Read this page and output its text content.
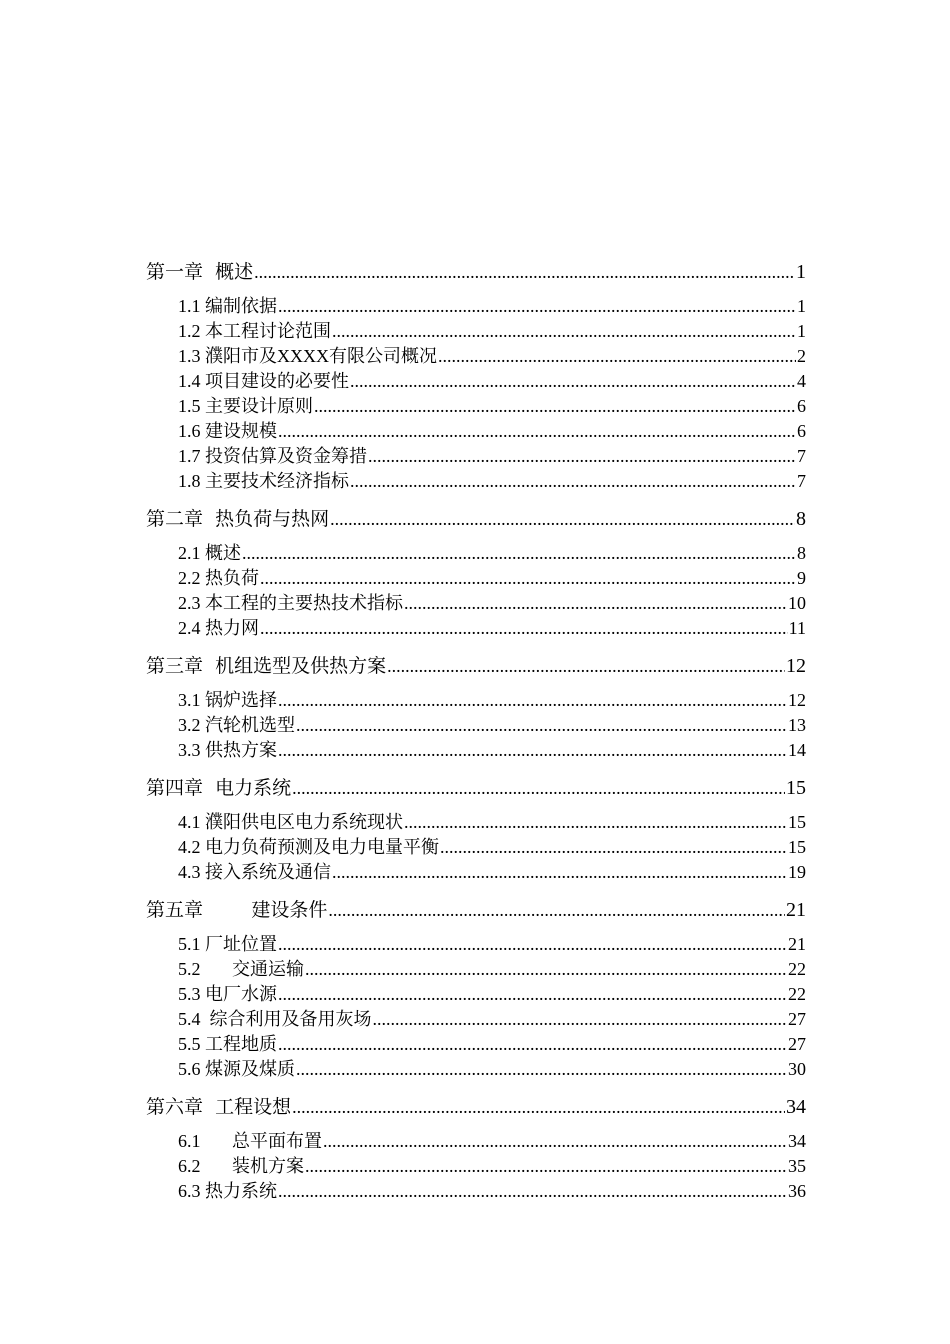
第一章  概述 .....	1
1.1 编制依据 .....	1
1.2 本工程讨论范围 .....	1
1.3 濮阳市及XXXX有限公司概况 .....	2
1.4 项目建设的必要性 .....	4
1.5 主要设计原则 .....	6
1.6 建设规模 .....	6
1.7 投资估算及资金筹措 .....	7
1.8 主要技术经济指标 .....	7
第二章  热负荷与热网 .....	8
2.1 概述 .....	8
2.2 热负荷 .....	9
2.3 本工程的主要热技术指标 .....	10
2.4 热力网 .....	11
第三章  机组选型及供热方案 .....	12
3.1 锅炉选择 .....	12
3.2 汽轮机选型 .....	13
3.3 供热方案 .....	14
第四章  电力系统 .....	15
4.1 濮阳供电区电力系统现状 .....	15
4.2 电力负荷预测及电力电量平衡 .....	15
4.3 接入系统及通信 .....	19
第五章        建设条件 .....	21
5.1 厂址位置 .....	21
5.2       交通运输 .....	22
5.3 电厂水源 .....	22
5.4  综合利用及备用灰场 .....	27
5.5 工程地质 .....	27
5.6 煤源及煤质 .....	30
第六章  工程设想 .....	34
6.1       总平面布置 .....	34
6.2       装机方案 .....	35
6.3 热力系统 .....	36
